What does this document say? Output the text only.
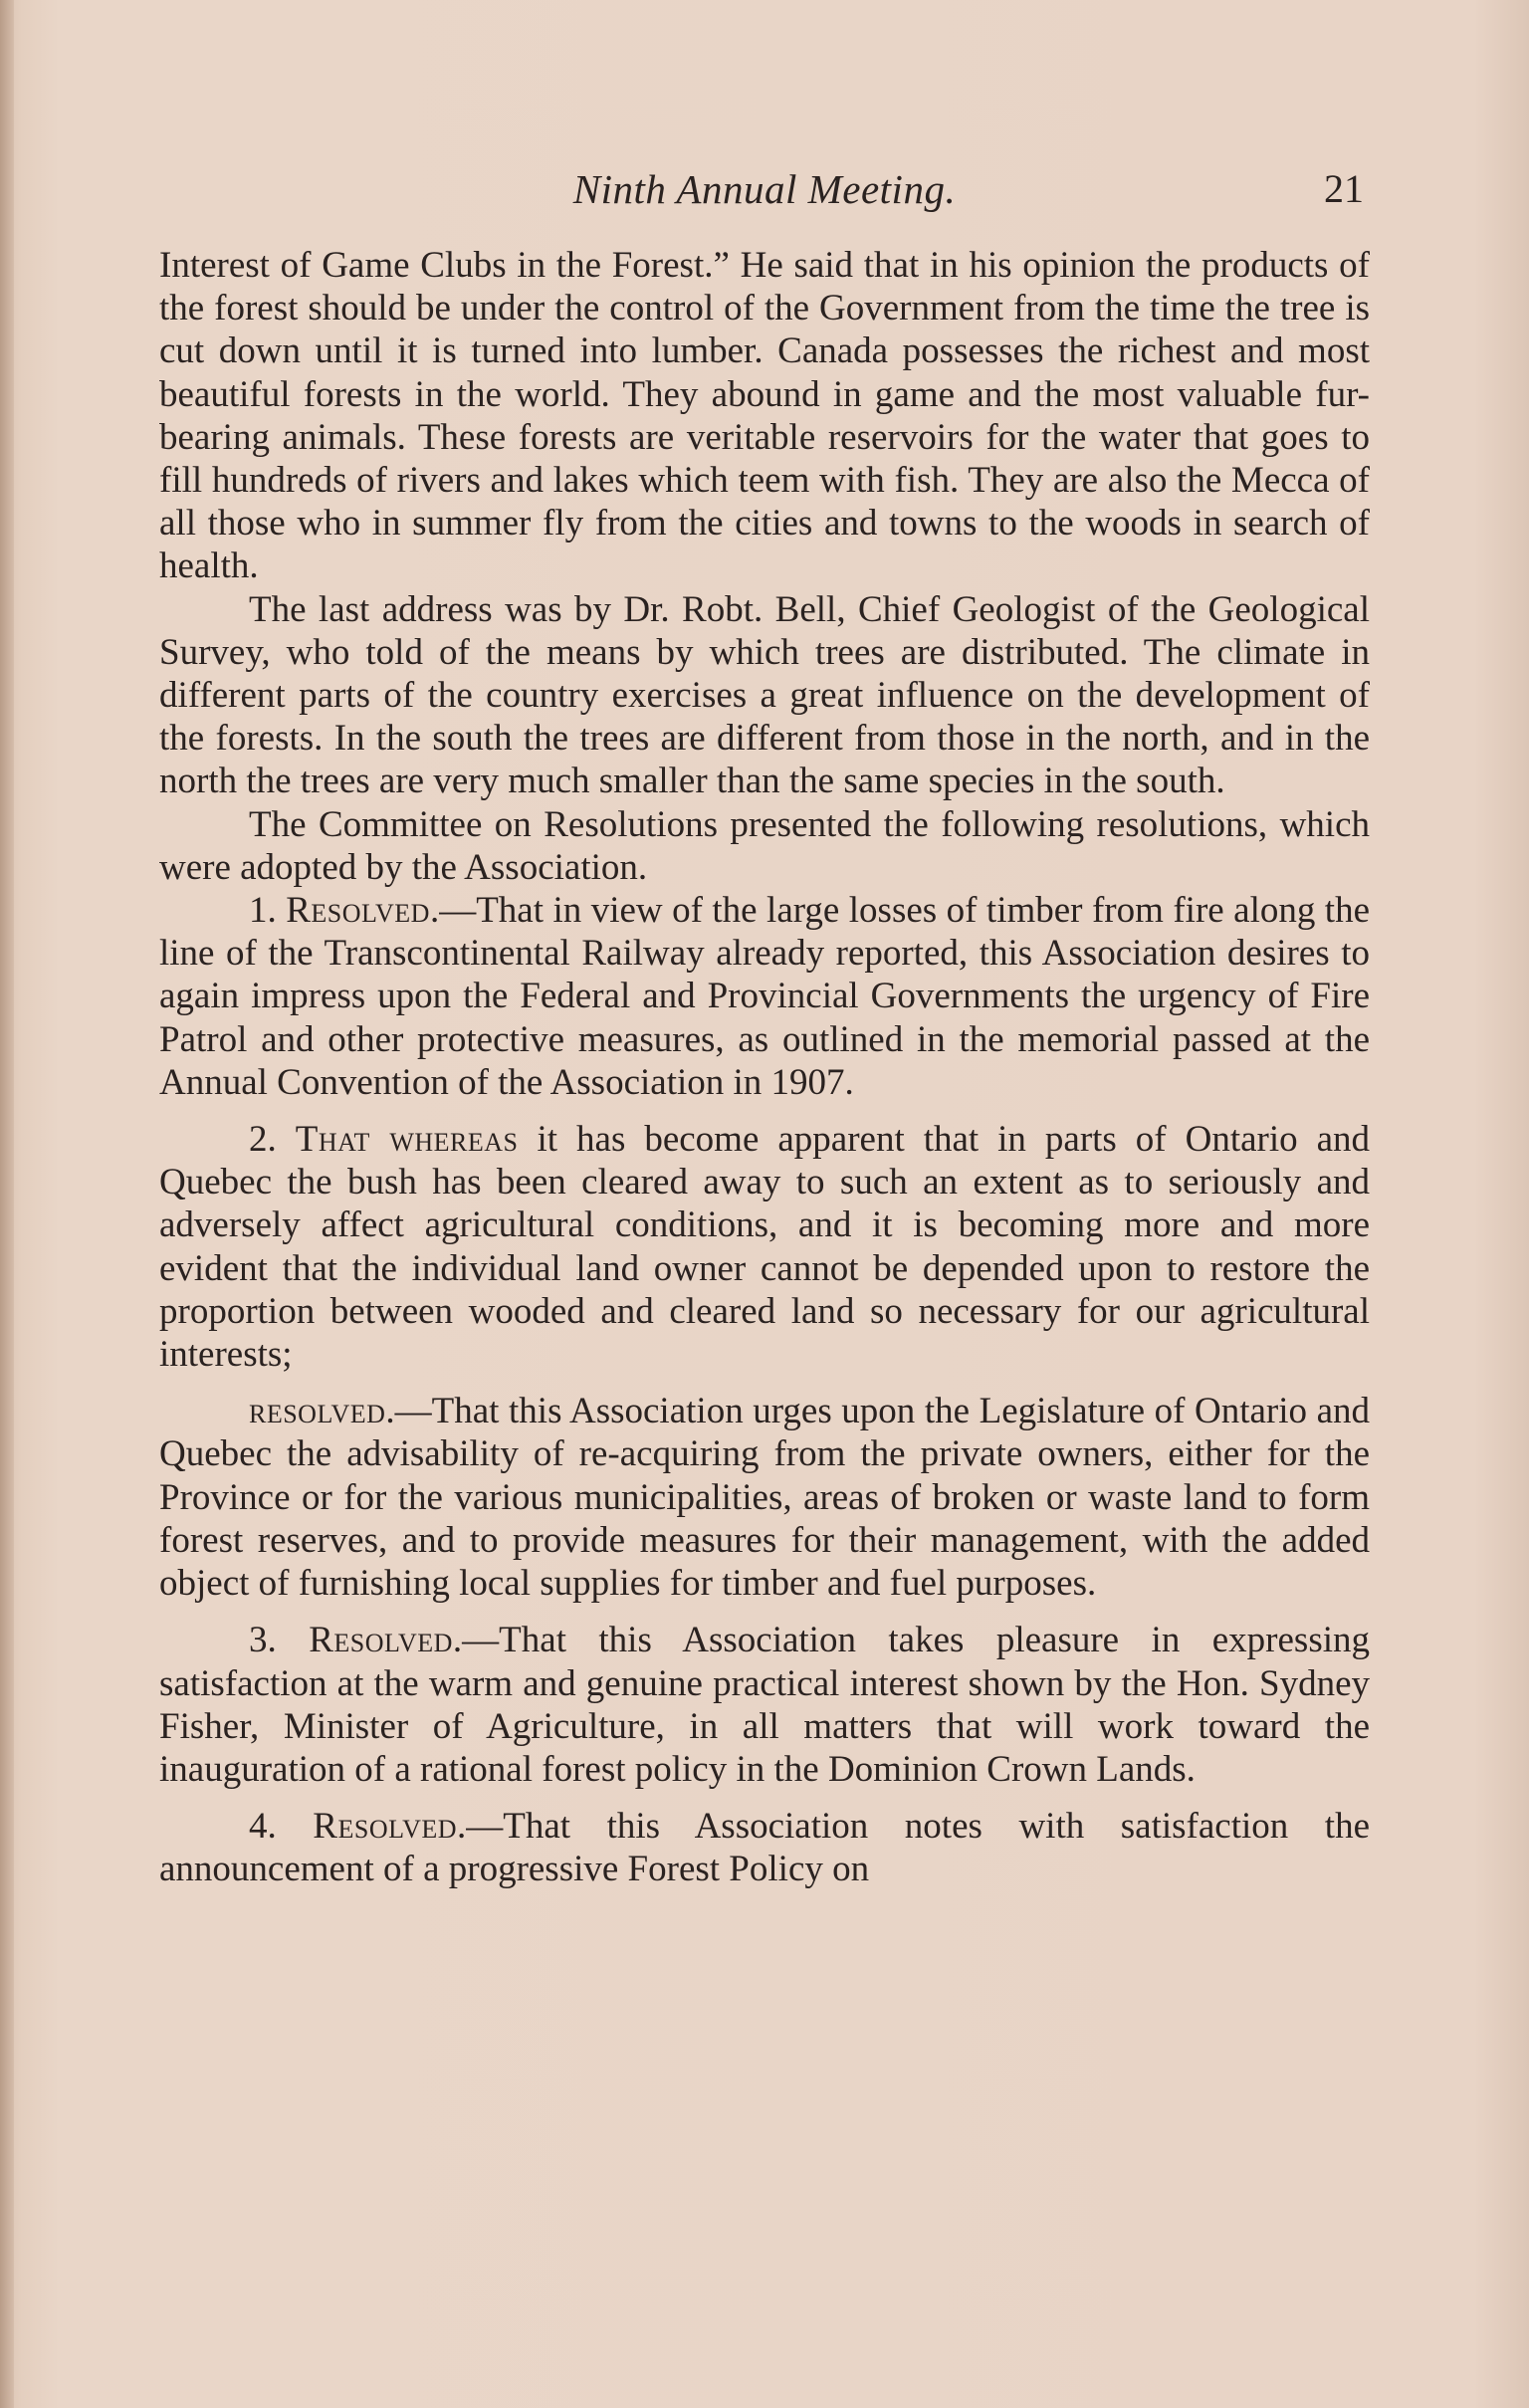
Ninth Annual Meeting.	21

Interest of Game Clubs in the Forest.” He said that in his opinion the products of the forest should be under the control of the Government from the time the tree is cut down until it is turned into lumber. Canada possesses the richest and most beautiful forests in the world. They abound in game and the most valuable fur-bearing animals. These forests are veritable reservoirs for the water that goes to fill hundreds of rivers and lakes which teem with fish. They are also the Mecca of all those who in summer fly from the cities and towns to the woods in search of health.

The last address was by Dr. Robt. Bell, Chief Geologist of the Geological Survey, who told of the means by which trees are distributed. The climate in different parts of the country exercises a great influence on the development of the forests. In the south the trees are different from those in the north, and in the north the trees are very much smaller than the same species in the south.

The Committee on Resolutions presented the following resolutions, which were adopted by the Association.

1. Resolved.—That in view of the large losses of timber from fire along the line of the Transcontinental Railway already reported, this Association desires to again impress upon the Federal and Provincial Governments the urgency of Fire Patrol and other protective measures, as outlined in the memorial passed at the Annual Convention of the Association in 1907.

2. That whereas it has become apparent that in parts of Ontario and Quebec the bush has been cleared away to such an extent as to seriously and adversely affect agricultural conditions, and it is becoming more and more evident that the individual land owner cannot be depended upon to restore the proportion between wooded and cleared land so necessary for our agricultural interests;

resolved.—That this Association urges upon the Legislature of Ontario and Quebec the advisability of re-acquiring from the private owners, either for the Province or for the various municipalities, areas of broken or waste land to form forest reserves, and to provide measures for their management, with the added object of furnishing local supplies for timber and fuel purposes.

3. Resolved.—That this Association takes pleasure in expressing satisfaction at the warm and genuine practical interest shown by the Hon. Sydney Fisher, Minister of Agriculture, in all matters that will work toward the inauguration of a rational forest policy in the Dominion Crown Lands.

4. Resolved.—That this Association notes with satisfaction the announcement of a progressive Forest Policy on
